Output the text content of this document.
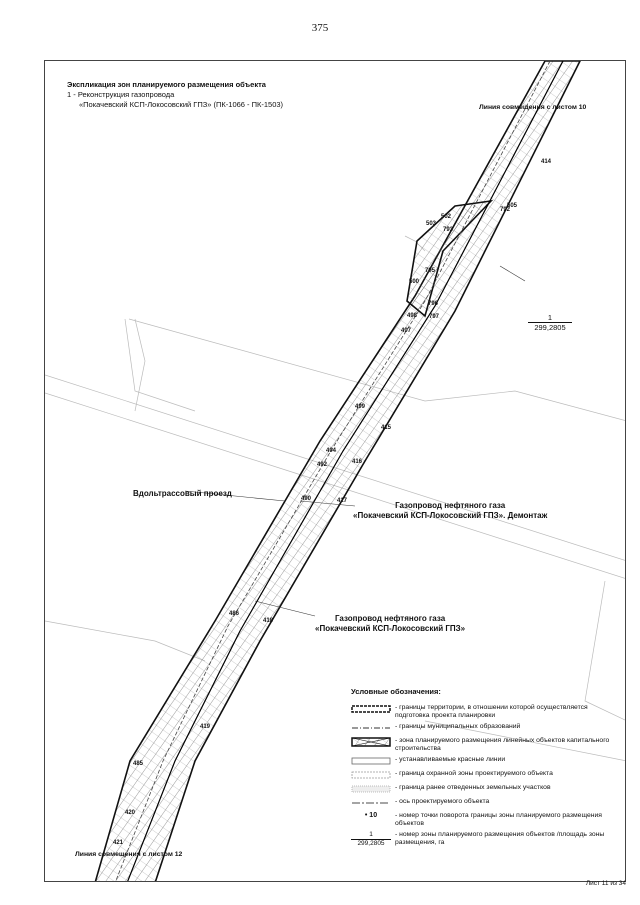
375
Экспликация зон планируемого размещения объекта
1 - Реконструкция газопровода
«Покачевский КСП-Локосовский ГПЗ» (ПК-1066 - ПК-1503)	Линия совмещения с листом 10
Линия совмещения с листом 12
$\frac{1}{299,2805}$
Вдольтрассовый проезд
Газопровод нефтяного газа
«Покачевский КСП-Локосовский ГПЗ». Демонтаж
Газопровод нефтяного газа
«Покачевский КСП-Локосовский ГПЗ»
414
792
502
503
505
793
795
500
796
498 797
497
499
415
494
416
492
490	417
486
418
419
485
420
421
Условные обозначения:
- границы территории, в отношении которой осуществляется подготовка проекта планировки
- границы муниципальных образований
- зона планируемого размещения линейных объектов капитального строительства
- устанавливаемые красные линии
- граница охранной зоны проектируемого объекта
- граница ранее отведенных земельных участков
- ось проектируемого объекта
• 10	- номер точки поворота границы зоны планируемого размещения объектов
$\frac{1}{299,2805}$ - номер зоны планируемого размещения объектов /площадь зоны размещения, га
Лист 11 из 34
